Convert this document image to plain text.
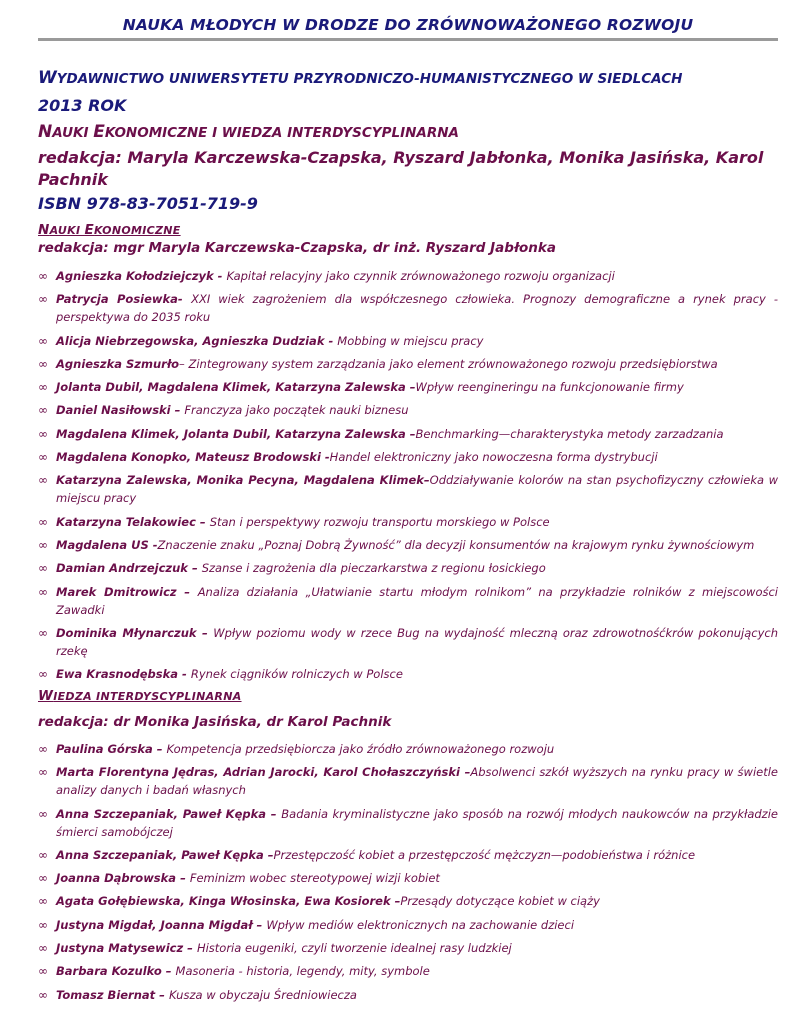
NAUKA MŁODYCH W DRODZE DO ZRÓWNOWAŻONEGO ROZWOJU
WYDAWNICTWO UNIWERSYTETU PRZYRODNICZO-HUMANISTYCZNEGO W SIEDLCACH
2013 ROK
NAUKI EKONOMICZNE I WIEDZA INTERDYSCYPLINARNA
redakcja: Maryla Karczewska-Czapska, Ryszard Jabłonka, Monika Jasińska, Karol Pachnik
ISBN 978-83-7051-719-9
NAUKI EKONOMICZNE
redakcja: mgr Maryla Karczewska-Czapska, dr inż. Ryszard Jabłonka
∞ Agnieszka Kołodziejczyk - Kapitał relacyjny jako czynnik zrównoważonego rozwoju organizacji
∞ Patrycja Posiewka- XXI wiek zagrożeniem dla współczesnego człowieka. Prognozy demograficzne a rynek pracy - perspektywa do 2035 roku
∞ Alicja Niebrzegowska, Agnieszka Dudziak - Mobbing w miejscu pracy
∞ Agnieszka Szmurło– Zintegrowany system zarządzania jako element zrównoważonego rozwoju przedsiębiorstwa
∞ Jolanta Dubil, Magdalena Klimek, Katarzyna Zalewska –Wpływ reengineringu na funkcjonowanie firmy
∞ Daniel Nasiłowski – Franczyza jako początek nauki biznesu
∞ Magdalena Klimek, Jolanta Dubil, Katarzyna Zalewska –Benchmarking—charakterystyka metody zarzadzania
∞ Magdalena Konopko, Mateusz Brodowski -Handel elektroniczny jako nowoczesna forma dystrybucji
∞ Katarzyna Zalewska, Monika Pecyna, Magdalena Klimek–Oddziaływanie kolorów na stan psychofizyczny człowieka w miejscu pracy
∞ Katarzyna Telakowiec – Stan i perspektywy rozwoju transportu morskiego w Polsce
∞ Magdalena US -Znaczenie znaku „Poznaj Dobrą Żywność” dla decyzji konsumentów na krajowym rynku żywnościowym
∞ Damian Andrzejczuk – Szanse i zagrożenia dla pieczarkarstwa z regionu łosickiego
∞ Marek Dmitrowicz – Analiza działania „Ułatwianie startu młodym rolnikom” na przykładzie rolników z miejscowości Zawadki
∞ Dominika Młynarczuk – Wpływ poziomu wody w rzece Bug na wydajność mleczną oraz zdrowotnośćkrów pokonujących rzekę
∞ Ewa Krasnodębska - Rynek ciągników rolniczych w Polsce
WIEDZA INTERDYSCYPLINARNA
redakcja: dr Monika Jasińska, dr Karol Pachnik
∞ Paulina Górska – Kompetencja przedsiębiorcza jako źródło zrównoważonego rozwoju
∞ Marta Florentyna Jędras, Adrian Jarocki, Karol Chołaszczyński –Absolwenci szkół wyższych na rynku pracy w świetle analizy danych i badań własnych
∞ Anna Szczepaniak, Paweł Kępka – Badania kryminalistyczne jako sposób na rozwój młodych naukowców na przykładzie śmierci samobójczej
∞ Anna Szczepaniak, Paweł Kępka –Przestępczość kobiet a przestępczość mężczyzn—podobieństwa i różnice
∞ Joanna Dąbrowska – Feminizm wobec stereotypowej wizji kobiet
∞ Agata Gołębiewska, Kinga Włosinska, Ewa Kosiorek –Przesądy dotyczące kobiet w ciąży
∞ Justyna Migdał, Joanna Migdał – Wpływ mediów elektronicznych na zachowanie dzieci
∞ Justyna Matysewicz – Historia eugeniki, czyli tworzenie idealnej rasy ludzkiej
∞ Barbara Kozulko – Masoneria - historia, legendy, mity, symbole
∞ Tomasz Biernat – Kusza w obyczaju Średniowiecza
